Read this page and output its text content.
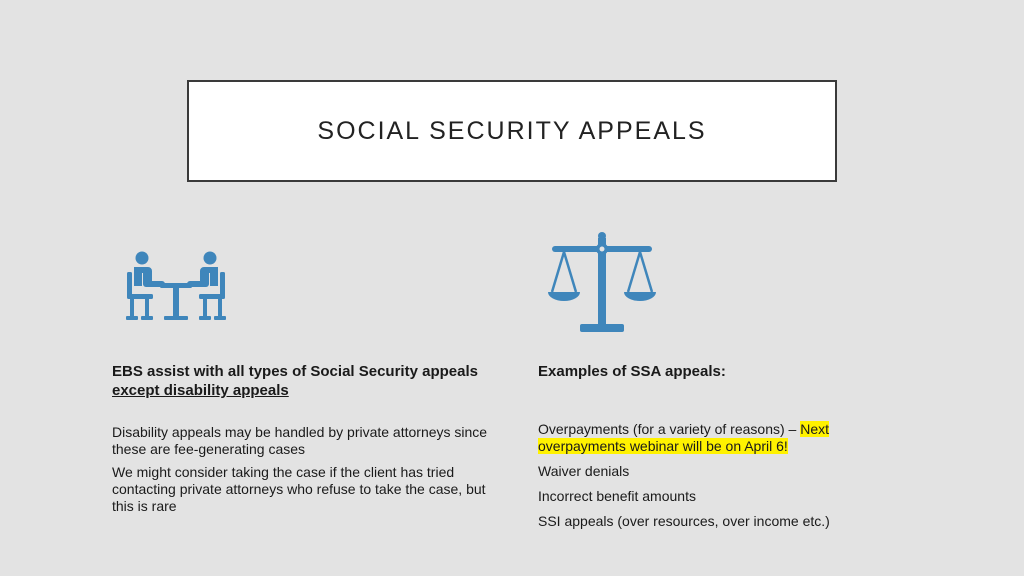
SOCIAL SECURITY APPEALS

EBS assist with all types of Social Security appeals except disability appeals

Disability appeals may be handled by private attorneys since these are fee-generating cases

We might consider taking the case if the client has tried contacting private attorneys who refuse to take the case, but this is rare

Examples of SSA appeals:

Overpayments (for a variety of reasons) – Next overpayments webinar will be on April 6!

Waiver denials

Incorrect benefit amounts

SSI appeals (over resources, over income etc.)
